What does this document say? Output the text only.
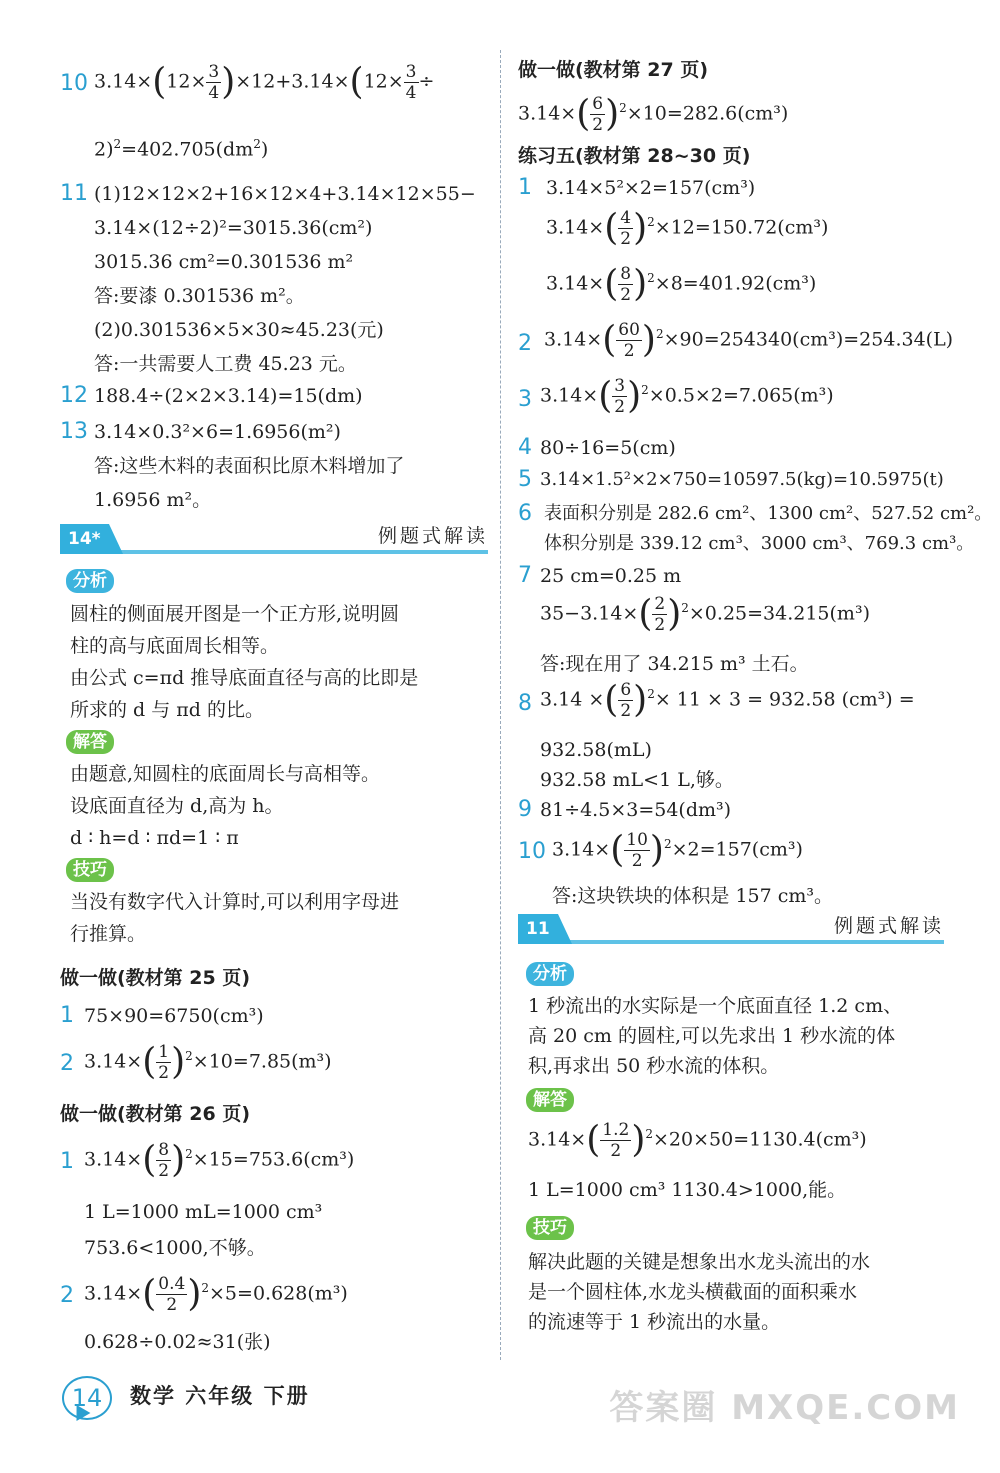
10 $3.14\times(12\times \frac{3}{4} )\times 12+3.14\times(12\times \frac{3}{4}$ ÷
$2)^2=402.705(dm^2)$
11 (1)12×12×2+16×12×4+3.14×12×55−
3.14×(12÷2)²=3015.36(cm²)
3015.36 cm²=0.301536 m²
答:要漆 0.301536 m²。
(2)0.301536×5×30≈45.23(元)
答:一共需要人工费 45.23 元。
12 188.4÷(2×2×3.14)=15(dm)
13 3.14×0.3²×6=1.6956(m²)
答:这些木料的表面积比原木料增加了
1.6956 m²。
14*	例题式解读
分析
圆柱的侧面展开图是一个正方形,说明圆
柱的高与底面周长相等。
由公式 c=πd 推导底面直径与高的比即是
所求的 d 与 πd 的比。
解答
由题意,知圆柱的底面周长与高相等。
设底面直径为 d,高为 h。
d ∶ h=d ∶ πd=1 ∶ π
技巧
当没有数字代入计算时,可以利用字母进
行推算。
做一做(教材第 25 页)
1 75×90=6750(cm³)
2 $3.14\times( \frac{1}{2} )^2\times 10=7.85(m^3)$
做一做(教材第 26 页)
1 $3.14\times( \frac{8}{2} )^2\times 15=753.6(cm^3)$
1 L=1000 mL=1000 cm³
753.6<1000,不够。
2 $3.14\times( \frac{0.4}{2} )^2\times 5=0.628(m^3)$
0.628÷0.02≈31(张)
做一做(教材第 27 页)
$3.14\times( \frac{6}{2} )^2\times 10=282.6(cm^3)$
练习五(教材第 28~30 页)
1 3.14×5²×2=157(cm³)
$3.14\times( \frac{4}{2} )^2\times 12=150.72(cm^3)$
$3.14\times( \frac{8}{2} )^2\times 8=401.92(cm^3)$
2 $3.14\times( \frac{60}{2} )^2\times 90=254340(cm^3)=254.34(L)$
3 $3.14\times( \frac{3}{2} )^2\times 0.5\times 2=7.065(m^3)$
4 80÷16=5(cm)
5 3.14×1.5²×2×750=10597.5(kg)=10.5975(t)
6 表面积分别是 282.6 cm²、1300 cm²、527.52 cm²。
体积分别是 339.12 cm³、3000 cm³、769.3 cm³。
7 25 cm=0.25 m
$35-3.14\times( \frac{2}{2} )^2\times 0.25=34.215(m^3)$
答:现在用了 34.215 m³ 土石。
8 3.14 ×( $\frac{6}{2} )^2\times 11 \times 3 = 932.58$ (cm³) =
932.58(mL)
932.58 mL<1 L,够。
9 81÷4.5×3=54(dm³)
10 $3.14\times( \frac{10}{2} )^2\times 2=157(cm^3)$
答:这块铁块的体积是 157 cm³。
11	例题式解读
分析
1 秒流出的水实际是一个底面直径 1.2 cm、
高 20 cm 的圆柱,可以先求出 1 秒水流的体
积,再求出 50 秒水流的体积。
解答
$3.14\times( \frac{1.2}{2} )^2\times 20\times 50=1130.4(cm^3)$
1 L=1000 cm³ 1130.4>1000,能。
技巧
解决此题的关键是想象出水龙头流出的水
是一个圆柱体,水龙头横截面的面积乘水
的流速等于 1 秒流出的水量。
14	数学 六年级 下册	答案圈 MXQE.COM
